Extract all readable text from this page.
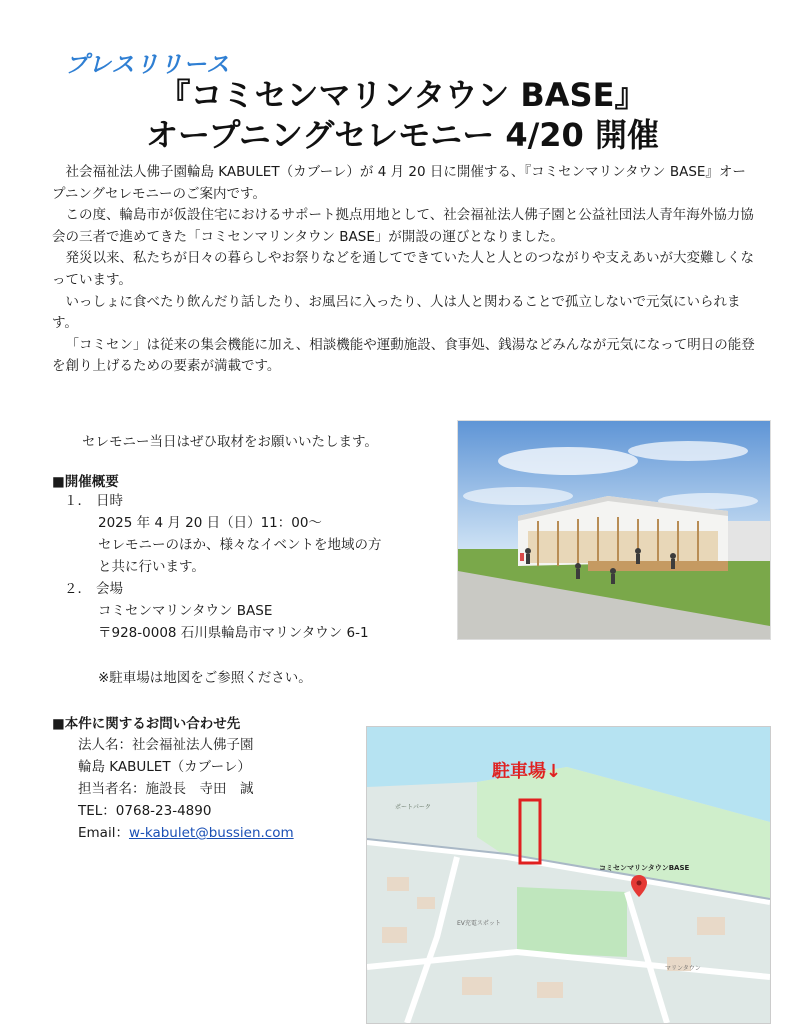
プレスリリース
『コミセンマリンタウン BASE』
オープニングセレモニー 4/20 開催

社会福祉法人佛子園輪島 KABULET（カブーレ）が 4 月 20 日に開催する、『コミセンマリンタウン BASE』オープニングセレモニーのご案内です。

この度、輪島市が仮設住宅におけるサポート拠点用地として、社会福祉法人佛子園と公益社団法人青年海外協力協会の三者で進めてきた「コミセンマリンタウン BASE」が開設の運びとなりました。

発災以来、私たちが日々の暮らしやお祭りなどを通してできていた人と人とのつながりや支えあいが大変難しくなっています。

いっしょに食べたり飲んだり話したり、お風呂に入ったり、人は人と関わることで孤立しないで元気にいられます。

「コミセン」は従来の集会機能に加え、相談機能や運動施設、食事処、銭湯などみんなが元気になって明日の能登を創り上げるための要素が満載です。

セレモニー当日はぜひ取材をお願いいたします。
■開催概要
１． 日時
2025 年 4 月 20 日（日）11：00～
セレモニーのほか、様々なイベントを地域の方
と共に行います。
２． 会場
コミセンマリンタウン BASE
〒928-0008 石川県輪島市マリンタウン 6-1
※駐車場は地図をご参照ください。
■本件に関するお問い合わせ先
法人名：社会福祉法人佛子園
輪島 KABULET（カブーレ）
担当者名：施設長　寺田　誠
TEL：0768-23-4890
Email：w-kabulet@bussien.com
駐車場↓
コミセンマリンタウンBASE
ポートパーク
マリンタウン
EV充電スポット
